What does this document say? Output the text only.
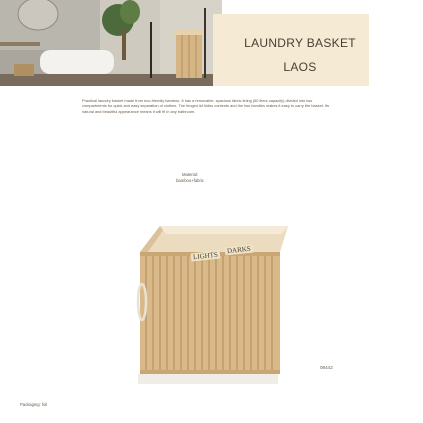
LAUNDRY BASKET
LAOS
Practical laundry basket made from eco-friendly bamboo. It has a removable, spacious fabric lining (60 liters capacity) divided into two compartments for quick and easy separation of clothes. The hinged lid hides contents and the two handles makes it easy to carry the basket. Its natural and beautiful appearance means it will fit in any bathroom.
Material:
bamboo+fabric
LIGHTS
DARKS
08442
Packaging: foil
